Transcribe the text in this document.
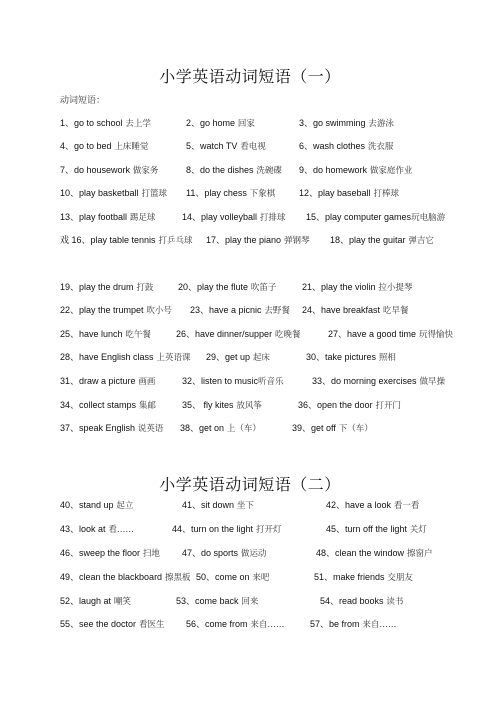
小学英语动词短语（一）
动词短语：
1、go to school 去上学	2、go home 回家	3、go swimming 去游泳
4、go to bed 上床睡觉	5、watch TV 看电视	6、wash clothes 洗衣服
7、do housework 做家务	8、do the dishes 洗碗碟 9、do homework 做家庭作业
10、play basketball 打篮球 11、play chess 下象棋	12、play baseball 打棒球
13、play football 踢足球	14、play volleyball 打排球 15、play computer games玩电脑游
戏 16、play table tennis 打乒乓球 17、play the piano 弹钢琴 18、play the guitar 弹吉它
19、play the drum 打鼓	20、play the flute 吹笛子	21、play the violin 拉小提琴
22、play the trumpet 吹小号 23、have a picnic 去野餐 24、have breakfast 吃早餐
25、have lunch 吃午餐	26、have dinner/supper 吃晚餐	27、have a good time 玩得愉快
28、have English class 上英语课 29、get up 起床	30、take pictures 照相
31、draw a picture 画画	32、listen to music听音乐	33、do morning exercises 做早操
34、collect stamps 集邮	35、 fly kites 放风筝	36、open the door 打开门
37、speak English 说英语 38、get on 上（车）	39、get off 下（车）
小学英语动词短语（二）
40、stand up 起立	41、sit down 坐下	42、have a look 看一看
43、look at 看……	44、turn on the light 打开灯	45、turn off the light 关灯
46、sweep the floor 扫地 47、do sports 做运动	48、clean the window 擦窗户
49、clean the blackboard 擦黑板 50、come on 来吧	51、make friends 交朋友
52、laugh at 嘲笑	53、come back 回来	54、read books 读书
55、see the doctor 看医生 56、come from 来自……	57、be from 来自……
